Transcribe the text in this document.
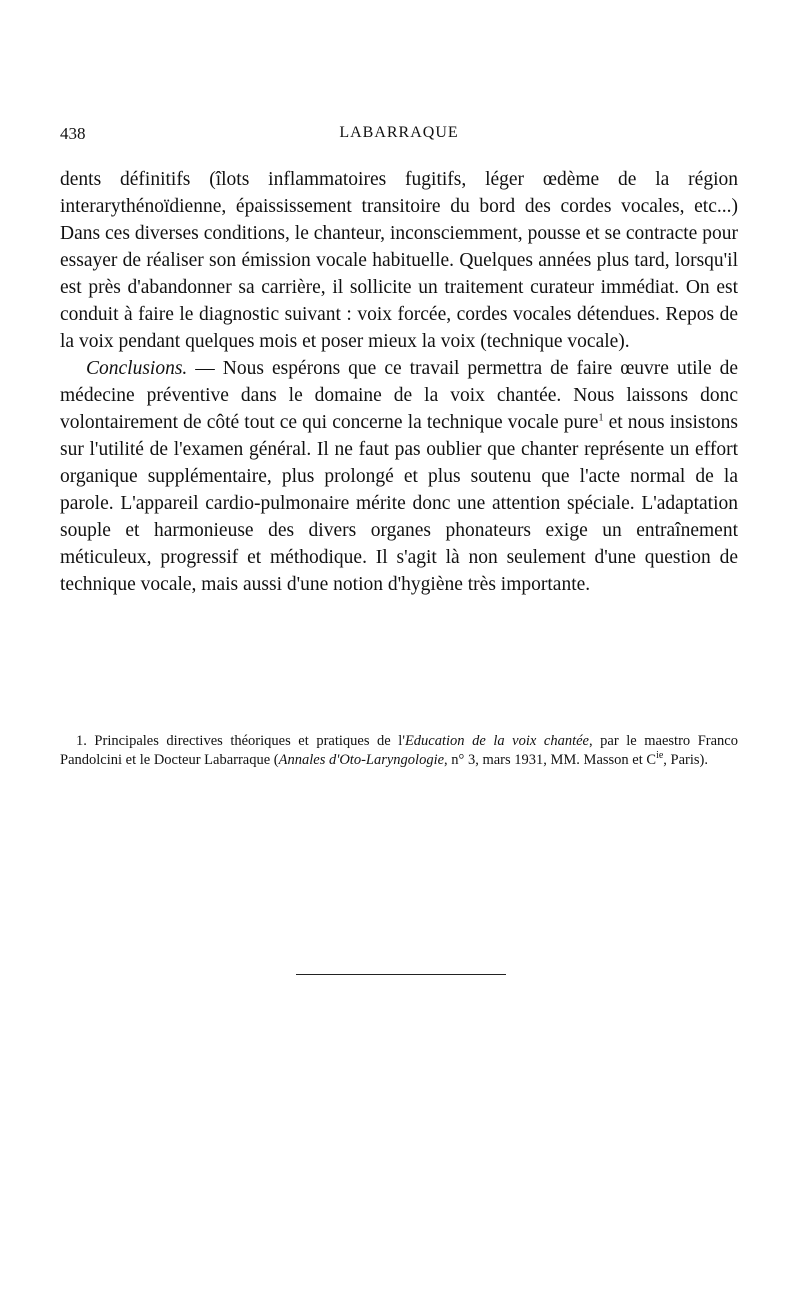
438	LABARRAQUE

dents définitifs (îlots inflammatoires fugitifs, léger œdème de la région interarythénoïdienne, épaississement transitoire du bord des cordes vocales, etc...) Dans ces diverses conditions, le chanteur, inconsciemment, pousse et se contracte pour essayer de réaliser son émission vocale habituelle. Quelques années plus tard, lorsqu'il est près d'abandonner sa carrière, il sollicite un traitement curateur immédiat. On est conduit à faire le diagnostic suivant : voix forcée, cordes vocales détendues. Repos de la voix pendant quelques mois et poser mieux la voix (technique vocale).

Conclusions. — Nous espérons que ce travail permettra de faire œuvre utile de médecine préventive dans le domaine de la voix chantée. Nous laissons donc volontairement de côté tout ce qui concerne la technique vocale pure$^1$ et nous insistons sur l'utilité de l'examen général. Il ne faut pas oublier que chanter représente un effort organique supplémentaire, plus prolongé et plus soutenu que l'acte normal de la parole. L'appareil cardio-pulmonaire mérite donc une attention spéciale. L'adaptation souple et harmonieuse des divers organes phonateurs exige un entraînement méticuleux, progressif et méthodique. Il s'agit là non seulement d'une question de technique vocale, mais aussi d'une notion d'hygiène très importante.

1. Principales directives théoriques et pratiques de l'Education de la voix chantée, par le maestro Franco Pandolcini et le Docteur Labarraque (Annales d'Oto-Laryngologie, n° 3, mars 1931, MM. Masson et $C^{ie}$, Paris).
